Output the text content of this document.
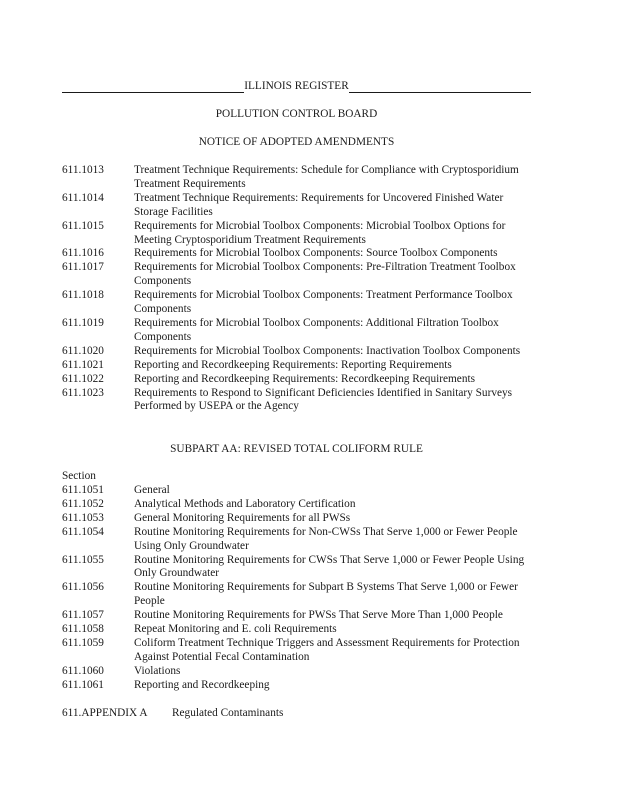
ILLINOIS REGISTER
POLLUTION CONTROL BOARD
NOTICE OF ADOPTED AMENDMENTS
611.1013	Treatment Technique Requirements: Schedule for Compliance with Cryptosporidium Treatment Requirements
611.1014	Treatment Technique Requirements: Requirements for Uncovered Finished Water Storage Facilities
611.1015	Requirements for Microbial Toolbox Components: Microbial Toolbox Options for Meeting Cryptosporidium Treatment Requirements
611.1016	Requirements for Microbial Toolbox Components: Source Toolbox Components
611.1017	Requirements for Microbial Toolbox Components: Pre-Filtration Treatment Toolbox Components
611.1018	Requirements for Microbial Toolbox Components: Treatment Performance Toolbox Components
611.1019	Requirements for Microbial Toolbox Components: Additional Filtration Toolbox Components
611.1020	Requirements for Microbial Toolbox Components: Inactivation Toolbox Components
611.1021	Reporting and Recordkeeping Requirements: Reporting Requirements
611.1022	Reporting and Recordkeeping Requirements: Recordkeeping Requirements
611.1023	Requirements to Respond to Significant Deficiencies Identified in Sanitary Surveys Performed by USEPA or the Agency
SUBPART AA: REVISED TOTAL COLIFORM RULE
Section
611.1051	General
611.1052	Analytical Methods and Laboratory Certification
611.1053	General Monitoring Requirements for all PWSs
611.1054	Routine Monitoring Requirements for Non-CWSs That Serve 1,000 or Fewer People Using Only Groundwater
611.1055	Routine Monitoring Requirements for CWSs That Serve 1,000 or Fewer People Using Only Groundwater
611.1056	Routine Monitoring Requirements for Subpart B Systems That Serve 1,000 or Fewer People
611.1057	Routine Monitoring Requirements for PWSs That Serve More Than 1,000 People
611.1058	Repeat Monitoring and E. coli Requirements
611.1059	Coliform Treatment Technique Triggers and Assessment Requirements for Protection Against Potential Fecal Contamination
611.1060	Violations
611.1061	Reporting and Recordkeeping
611.APPENDIX A	Regulated Contaminants
